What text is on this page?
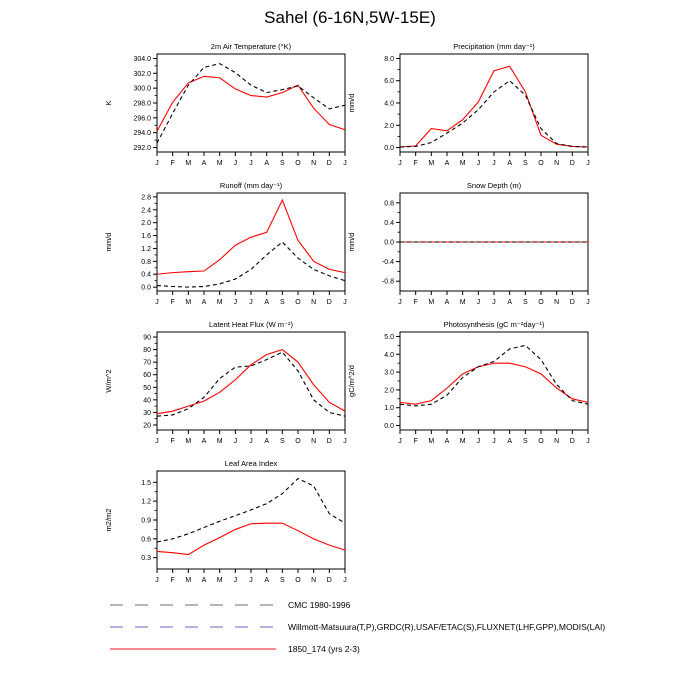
Sahel (6-16N,5W-15E)
2m Air Temperature (°K)
292.0
294.0
296.0
298.0
300.0
302.0
304.0
J F M A M J J A S O N D J
K
Precipitation (mm day⁻¹)
0.0
2.0
4.0
6.0
8.0
J F M A M J J A S O N D J
mm/d
Runoff (mm day⁻¹)
0.0
0.4
0.8
1.2
1.6
2.0
2.4
2.8
J F M A M J J A S O N D J
mm/d
Snow Depth (m)
-0.8
-0.4
0.0
0.4
0.8
J F M A M J J A S O N D J
mm/d
Latent Heat Flux (W m⁻²)
20
30
40
50
60
70
80
90
J F M A M J J A S O N D J
W/m^2
Photosynthesis (gC m⁻²day⁻¹)
0.0
1.0
2.0
3.0
4.0
5.0
J F M A M J J A S O N D J
gC/m^2/d
Leaf Area Index
0.3
0.6
0.9
1.2
1.5
J F M A M J J A S O N D J
m2/m2
CMC 1980-1996
Willmott-Matsuura(T,P),GRDC(R),USAF/ETAC(S),FLUXNET(LHF,GPP),MODIS(LAI)
1850_174 (yrs 2-3)
